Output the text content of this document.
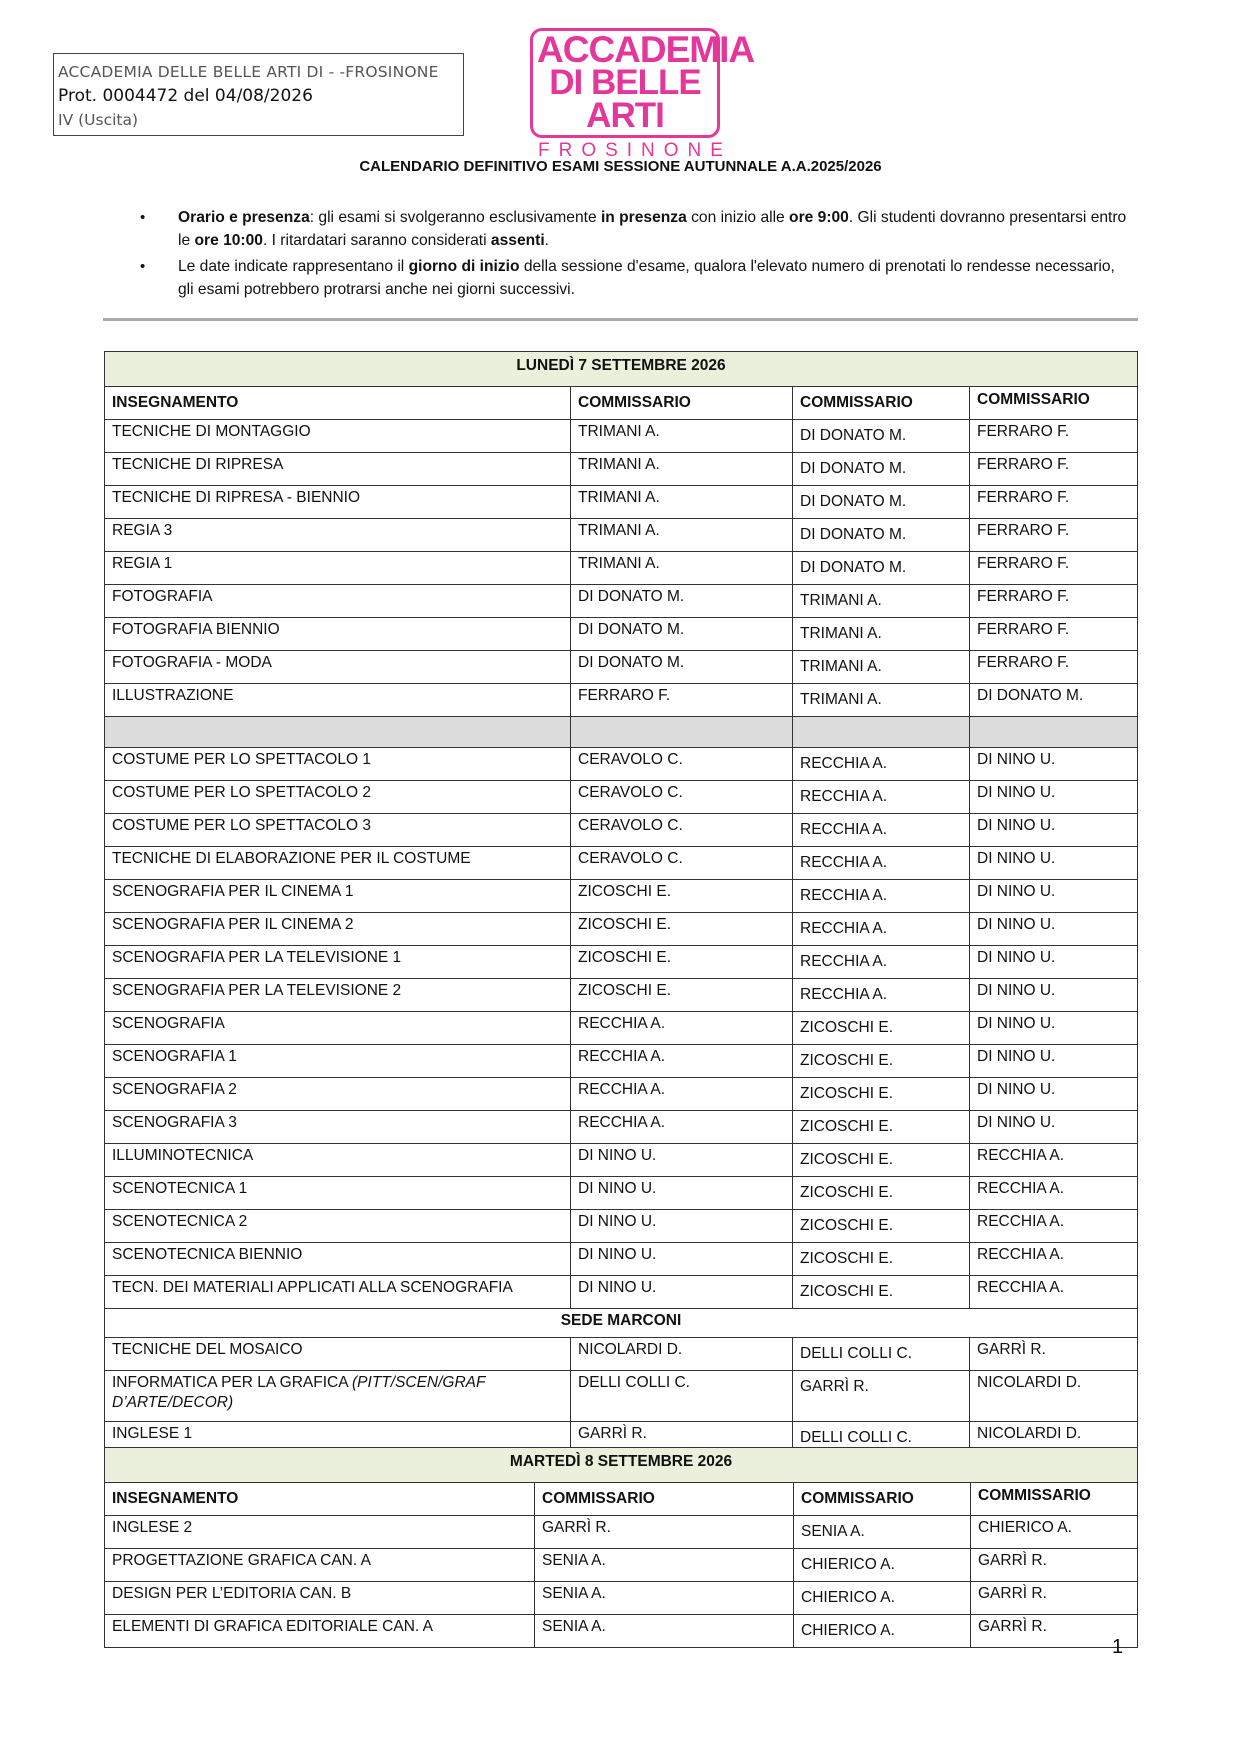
ACCADEMIA DELLE BELLE ARTI DI - -FROSINONE
Prot. 0004472 del 04/08/2026
IV (Uscita)
ACCADEMIA
DI BELLE ARTI
FROSINONE
CALENDARIO DEFINITIVO ESAMI SESSIONE AUTUNNALE A.A.2025/2026
• Orario e presenza: gli esami si svolgeranno esclusivamente in presenza con inizio alle ore 9:00. Gli studenti dovranno presentarsi entro le ore 10:00. I ritardatari saranno considerati assenti.
• Le date indicate rappresentano il giorno di inizio della sessione d'esame, qualora l'elevato numero di prenotati lo rendesse necessario, gli esami potrebbero protrarsi anche nei giorni successivi.
LUNEDÌ 7 SETTEMBRE 2026			
INSEGNAMENTO	COMMISSARIO	COMMISSARIO	COMMISSARIO
TECNICHE DI MONTAGGIO	TRIMANI A.	DI DONATO M.	FERRARO F.
TECNICHE DI RIPRESA	TRIMANI A.	DI DONATO M.	FERRARO F.
TECNICHE DI RIPRESA - BIENNIO	TRIMANI A.	DI DONATO M.	FERRARO F.
REGIA 3	TRIMANI A.	DI DONATO M.	FERRARO F.
REGIA 1	TRIMANI A.	DI DONATO M.	FERRARO F.
FOTOGRAFIA	DI DONATO M.	TRIMANI A.	FERRARO F.
FOTOGRAFIA BIENNIO	DI DONATO M.	TRIMANI A.	FERRARO F.
FOTOGRAFIA - MODA	DI DONATO M.	TRIMANI A.	FERRARO F.
ILLUSTRAZIONE	FERRARO F.	TRIMANI A.	DI DONATO M.

COSTUME PER LO SPETTACOLO 1	CERAVOLO C.	RECCHIA A.	DI NINO U.
COSTUME PER LO SPETTACOLO 2	CERAVOLO C.	RECCHIA A.	DI NINO U.
COSTUME PER LO SPETTACOLO 3	CERAVOLO C.	RECCHIA A.	DI NINO U.
TECNICHE DI ELABORAZIONE PER IL COSTUME	CERAVOLO C.	RECCHIA A.	DI NINO U.
SCENOGRAFIA PER IL CINEMA 1	ZICOSCHI E.	RECCHIA A.	DI NINO U.
SCENOGRAFIA PER IL CINEMA 2	ZICOSCHI E.	RECCHIA A.	DI NINO U.
SCENOGRAFIA PER LA TELEVISIONE 1	ZICOSCHI E.	RECCHIA A.	DI NINO U.
SCENOGRAFIA PER LA TELEVISIONE 2	ZICOSCHI E.	RECCHIA A.	DI NINO U.
SCENOGRAFIA	RECCHIA A.	ZICOSCHI E.	DI NINO U.
SCENOGRAFIA 1	RECCHIA A.	ZICOSCHI E.	DI NINO U.
SCENOGRAFIA 2	RECCHIA A.	ZICOSCHI E.	DI NINO U.
SCENOGRAFIA 3	RECCHIA A.	ZICOSCHI E.	DI NINO U.
ILLUMINOTECNICA	DI NINO U.	ZICOSCHI E.	RECCHIA A.
SCENOTECNICA 1	DI NINO U.	ZICOSCHI E.	RECCHIA A.
SCENOTECNICA 2	DI NINO U.	ZICOSCHI E.	RECCHIA A.
SCENOTECNICA BIENNIO	DI NINO U.	ZICOSCHI E.	RECCHIA A.
TECN. DEI MATERIALI APPLICATI ALLA SCENOGRAFIA	DI NINO U.	ZICOSCHI E.	RECCHIA A.
SEDE MARCONI			
TECNICHE DEL MOSAICO	NICOLARDI D.	DELLI COLLI C.	GARRÌ R.
INFORMATICA PER LA GRAFICA (PITT/SCEN/GRAF D’ARTE/DECOR)	DELLI COLLI C.	GARRÌ R.	NICOLARDI D.
INGLESE 1	GARRÌ R.	DELLI COLLI C.	NICOLARDI D.
MARTEDÌ 8 SETTEMBRE 2026			
INSEGNAMENTO	COMMISSARIO	COMMISSARIO	COMMISSARIO
INGLESE 2	GARRÌ R.	SENIA A.	CHIERICO A.
PROGETTAZIONE GRAFICA CAN. A	SENIA A.	CHIERICO A.	GARRÌ R.
DESIGN PER L’EDITORIA CAN. B	SENIA A.	CHIERICO A.	GARRÌ R.
ELEMENTI DI GRAFICA EDITORIALE CAN. A	SENIA A.	CHIERICO A.	GARRÌ R.
1
